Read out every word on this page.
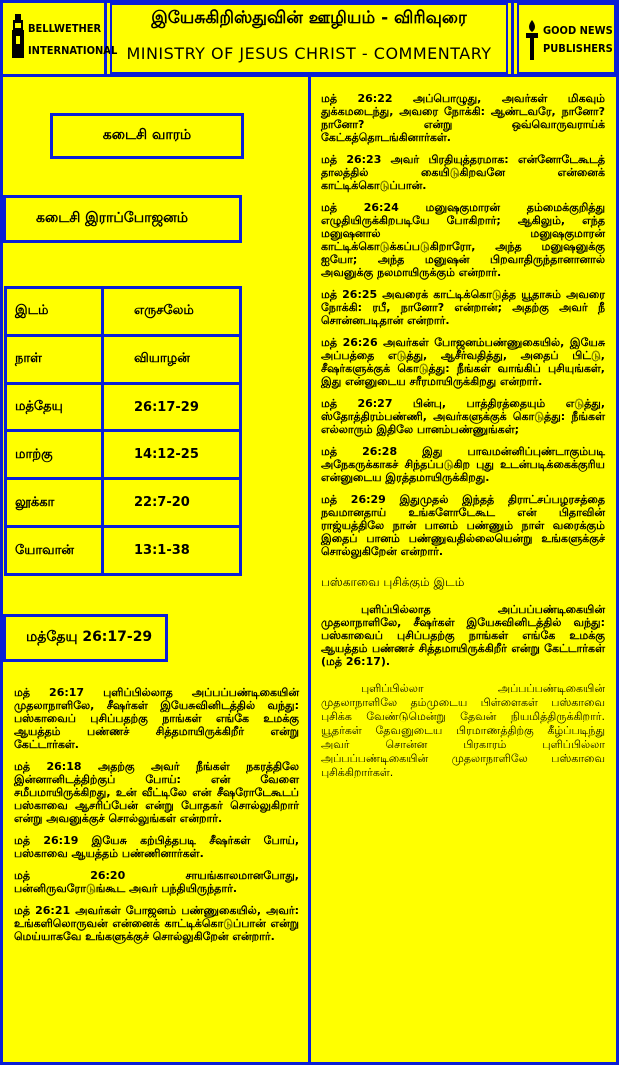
BELLWETHER
INTERNATIONAL
இயேசுகிறிஸ்துவின் ஊழியம் - விரிவுரை
MINISTRY OF JESUS CHRIST - COMMENTARY
GOOD NEWS
PUBLISHERS
கடைசி வாரம்
கடைசி இராப்போஜனம்
இடம்	எருசலேம்
நாள்	வியாழன்
மத்தேயு	26:17-29
மாற்கு	14:12-25
லூக்கா	22:7-20
யோவான்	13:1-38
மத்தேயு 26:17-29

மத் 26:17 புளிப்பில்லாத அப்பப்பண்டிகையின் முதலாநாளிலே, சீஷர்கள் இயேசுவினிடத்தில் வந்து: பஸ்காவைப் புசிப்பதற்கு நாங்கள் எங்கே உமக்கு ஆயத்தம் பண்ணச் சித்தமாயிருக்கிறீர் என்று கேட்டார்கள்.

மத் 26:18 அதற்கு அவர் நீங்கள் நகரத்திலே இன்னானிடத்திற்குப் போய்: என் வேளை சமீபமாயிருக்கிறது, உன் வீட்டிலே என் சீஷரோடேகூடப் பஸ்காவை ஆசரிப்பேன் என்று போதகர் சொல்லுகிறார் என்று அவனுக்குச் சொல்லுங்கள் என்றார்.

மத் 26:19 இயேசு கற்பித்தபடி சீஷர்கள் போய், பஸ்காவை ஆயத்தம் பண்ணினார்கள்.

மத் 26:20 சாயங்காலமானபோது, பன்னிருவரோடுங்கூட அவர் பந்தியிருந்தார்.

மத் 26:21 அவர்கள் போஜனம் பண்ணுகையில், அவர்: உங்களிலொருவன் என்னைக் காட்டிக்கொடுப்பான் என்று மெய்யாகவே உங்களுக்குச் சொல்லுகிறேன் என்றார்.

மத் 26:22 அப்பொழுது, அவர்கள் மிகவும் துக்கமடைந்து, அவரை நோக்கி: ஆண்டவரே, நானோ? நானோ? என்று ஒவ்வொருவராய்க் கேட்கத்தொடங்கினார்கள்.

மத் 26:23 அவர் பிரதியுத்தரமாக: என்னோடேகூடத் தாலத்தில் கையிடுகிறவனே என்னைக் காட்டிக்கொடுப்பான்.

மத் 26:24 மனுஷகுமாரன் தம்மைக்குறித்து எழுதியிருக்கிறபடியே போகிறார்; ஆகிலும், எந்த மனுஷனால் மனுஷகுமாரன் காட்டிக்கொடுக்கப்படுகிறாரோ, அந்த மனுஷனுக்கு ஐயோ; அந்த மனுஷன் பிறவாதிருந்தானானால் அவனுக்கு நலமாயிருக்கும் என்றார்.

மத் 26:25 அவரைக் காட்டிக்கொடுத்த யூதாசும் அவரை நோக்கி: ரபீ, நானோ? என்றான்; அதற்கு அவர் நீ சொன்னபடிதான் என்றார்.

மத் 26:26 அவர்கள் போஜனம்பண்ணுகையில், இயேசு அப்பத்தை எடுத்து, ஆசீர்வதித்து, அதைப் பிட்டு, சீஷர்களுக்குக் கொடுத்து: நீங்கள் வாங்கிப் புசியுங்கள், இது என்னுடைய சரீரமாயிருக்கிறது என்றார்.

மத் 26:27 பின்பு, பாத்திரத்தையும் எடுத்து, ஸ்தோத்திரம்பண்ணி, அவர்களுக்குக் கொடுத்து: நீங்கள் எல்லாரும் இதிலே பானம்பண்ணுங்கள்;

மத் 26:28 இது பாவமன்னிப்புண்டாகும்படி அநேகருக்காகச் சிந்தப்படுகிற புது உடன்படிக்கைக்குரிய என்னுடைய இரத்தமாயிருக்கிறது.

மத் 26:29 இதுமுதல் இந்தத் திராட்சப்பழரசத்தை நவமானதாய் உங்களோடேகூட என் பிதாவின் ராஜ்யத்திலே நான் பானம் பண்ணும் நாள் வரைக்கும் இதைப் பானம் பண்ணுவதில்லையென்று உங்களுக்குச் சொல்லுகிறேன் என்றார்.

பஸ்காவை புசிக்கும் இடம்

புளிப்பில்லாத அப்பப்பண்டிகையின் முதலாநாளிலே, சீஷர்கள் இயேசுவினிடத்தில் வந்து: பஸ்காவைப் புசிப்பதற்கு நாங்கள் எங்கே உமக்கு ஆயத்தம் பண்ணச் சித்தமாயிருக்கிறீர் என்று கேட்டார்கள் (மத் 26:17).

புளிப்பில்லா அப்பப்பண்டிகையின் முதலாநாளிலே தம்முடைய பிள்ளைகள் பஸ்காவை புசிக்க வேண்டுமென்று தேவன் நியமித்திருக்கிறார். யூதர்கள் தேவனுடைய பிரமாணத்திற்கு கீழ்ப்படிந்து அவர் சொன்ன பிரகாரம் புளிப்பில்லா அப்பப்பண்டிகையின் முதலாநாளிலே பஸ்காவை புசிக்கிறார்கள்.
